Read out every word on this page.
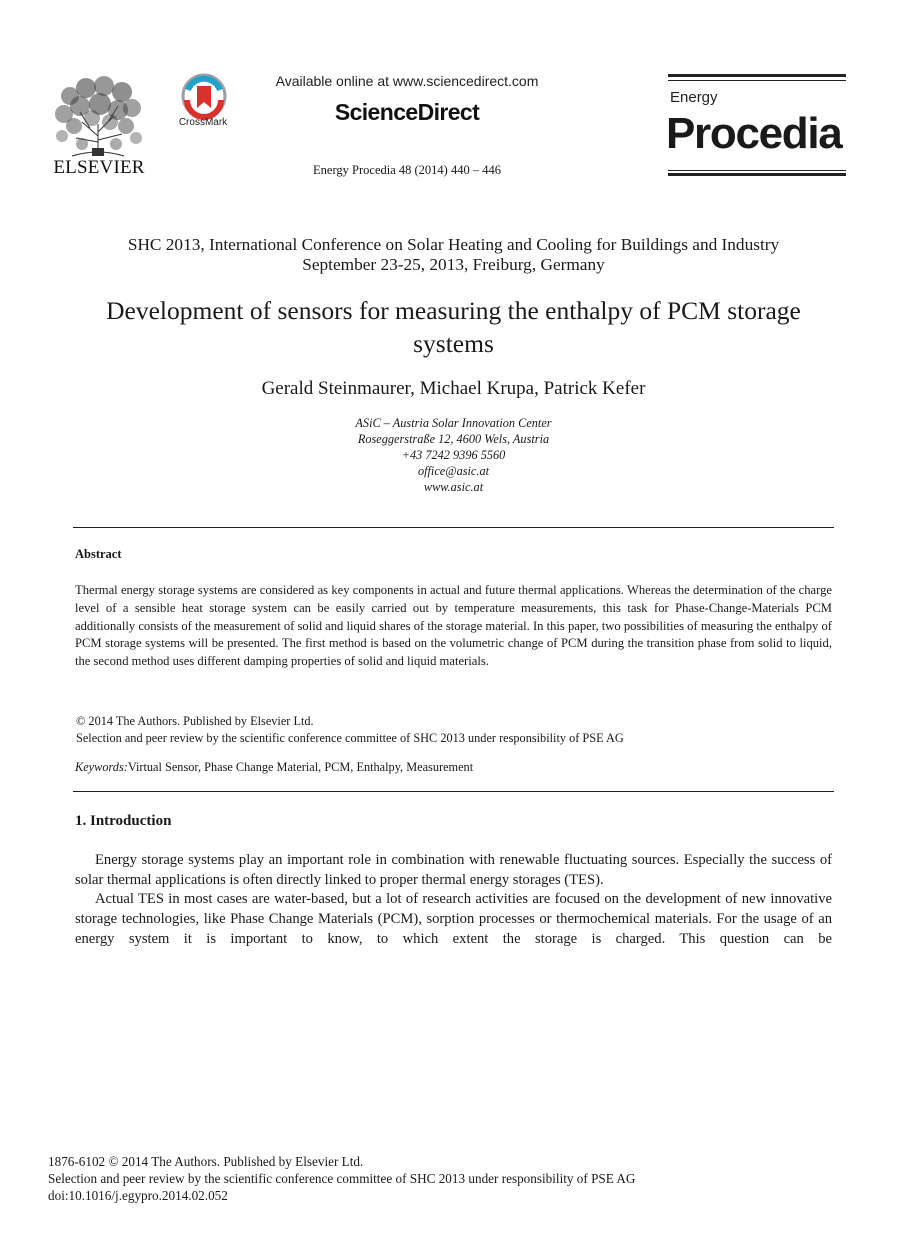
ELSEVIER
CrossMark
Available online at www.sciencedirect.com
ScienceDirect
Energy Procedia 48 (2014) 440 – 446
Energy
Procedia
SHC 2013, International Conference on Solar Heating and Cooling for Buildings and Industry
September 23-25, 2013, Freiburg, Germany
Development of sensors for measuring the enthalpy of PCM storage systems
Gerald Steinmaurer, Michael Krupa, Patrick Kefer
ASiC – Austria Solar Innovation Center
Roseggerstraße 12, 4600 Wels, Austria
+43 7242 9396 5560
office@asic.at
www.asic.at
Abstract
Thermal energy storage systems are considered as key components in actual and future thermal applications. Whereas the determination of the charge level of a sensible heat storage system can be easily carried out by temperature measurements, this task for Phase-Change-Materials PCM additionally consists of the measurement of solid and liquid shares of the storage material. In this paper, two possibilities of measuring the enthalpy of PCM storage systems will be presented. The first method is based on the volumetric change of PCM during the transition phase from solid to liquid, the second method uses different damping properties of solid and liquid materials.
© 2014 The Authors. Published by Elsevier Ltd.
Selection and peer review by the scientific conference committee of SHC 2013 under responsibility of PSE AG
Keywords:Virtual Sensor, Phase Change Material, PCM, Enthalpy, Measurement
1. Introduction

Energy storage systems play an important role in combination with renewable fluctuating sources. Especially the success of solar thermal applications is often directly linked to proper thermal energy storages (TES).

Actual TES in most cases are water-based, but a lot of research activities are focused on the development of new innovative storage technologies, like Phase Change Materials (PCM), sorption processes or thermochemical materials. For the usage of an energy system it is important to know, to which extent the storage is charged. This question can be

1876-6102 © 2014 The Authors. Published by Elsevier Ltd.
Selection and peer review by the scientific conference committee of SHC 2013 under responsibility of PSE AG
doi:10.1016/j.egypro.2014.02.052
